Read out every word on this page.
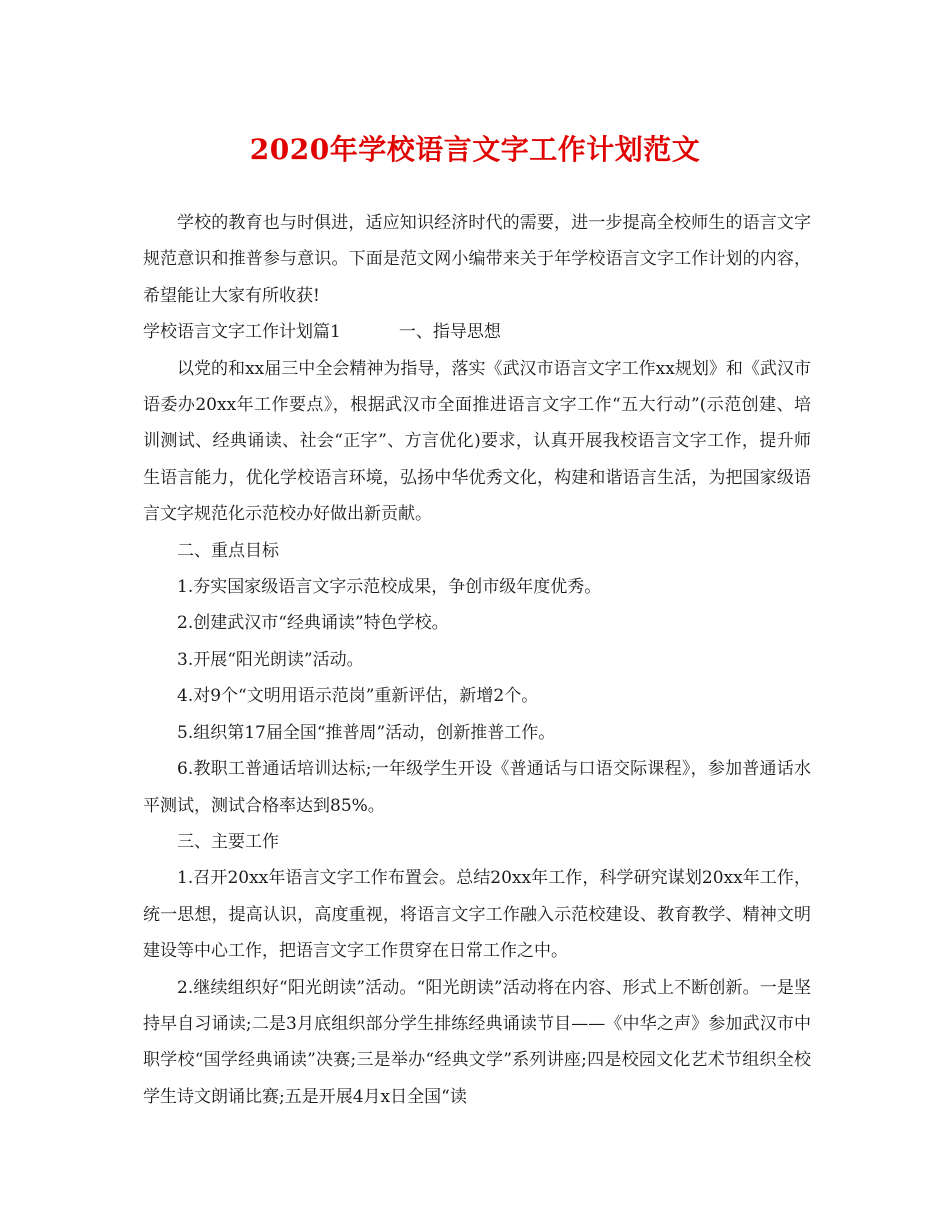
2020年学校语言文字工作计划范文

学校的教育也与时俱进，适应知识经济时代的需要，进一步提高全校师生的语言文字规范意识和推普参与意识。下面是范文网小编带来关于年学校语言文字工作计划的内容，希望能让大家有所收获!

学校语言文字工作计划篇1	一、指导思想

以党的和xx届三中全会精神为指导，落实《武汉市语言文字工作xx规划》和《武汉市语委办20xx年工作要点》，根据武汉市全面推进语言文字工作“五大行动”(示范创建、培训测试、经典诵读、社会“正字”、方言优化)要求，认真开展我校语言文字工作，提升师生语言能力，优化学校语言环境，弘扬中华优秀文化，构建和谐语言生活，为把国家级语言文字规范化示范校办好做出新贡献。

二、重点目标

1.夯实国家级语言文字示范校成果，争创市级年度优秀。

2.创建武汉市“经典诵读”特色学校。

3.开展“阳光朗读”活动。

4.对9个“文明用语示范岗”重新评估，新增2个。

5.组织第17届全国“推普周”活动，创新推普工作。

6.教职工普通话培训达标;一年级学生开设《普通话与口语交际课程》，参加普通话水平测试，测试合格率达到85%。

三、主要工作

1.召开20xx年语言文字工作布置会。总结20xx年工作，科学研究谋划20xx年工作，统一思想，提高认识，高度重视，将语言文字工作融入示范校建设、教育教学、精神文明建设等中心工作，把语言文字工作贯穿在日常工作之中。

2.继续组织好“阳光朗读”活动。“阳光朗读”活动将在内容、形式上不断创新。一是坚持早自习诵读;二是3月底组织部分学生排练经典诵读节目——《中华之声》参加武汉市中职学校“国学经典诵读”决赛;三是举办“经典文学”系列讲座;四是校园文化艺术节组织全校学生诗文朗诵比赛;五是开展4月x日全国“读
